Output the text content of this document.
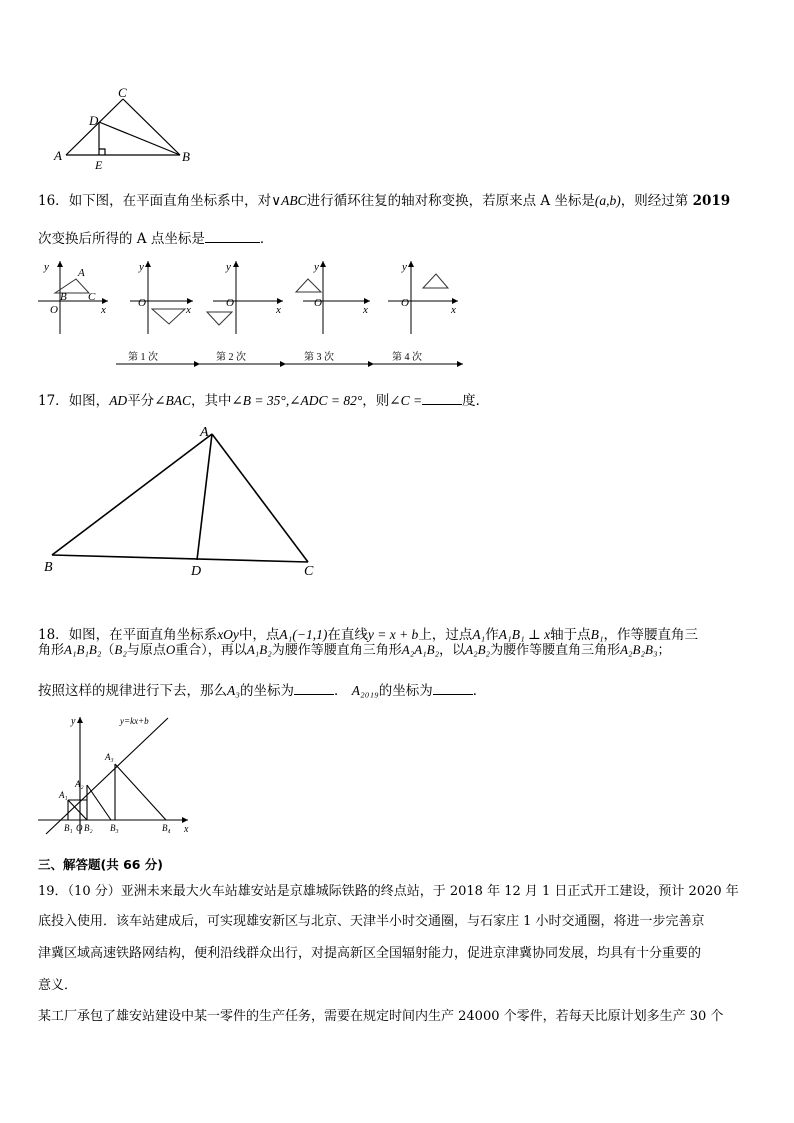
A	B
C
D
E
16．如下图，在平面直角坐标系中，对∨ABC进行循环往复的轴对称变换，若原来点 A 坐标是(a,b)，则经过第 2019
次变换后所得的 A 点坐标是	．
y
x
O
A
B C
y
x
O
y
x
O
y
x
O
y
x
O
第 1 次	第 2 次	第 3 次	第 4 次
17．如图，AD平分∠BAC，其中∠B = 35°,∠ADC = 82°，则∠C =	度．
A
B	C
D
18．如图，在平面直角坐标系xOy中，点A₁(−1,1)在直线y = x + b上，过点A₁作A₁B₁ ⊥ x轴于点B₁，作等腰直角三
角形A₁B₁B₂（B₂与原点O重合），再以A₁B₂为腰作等腰直角三角形A₂A₁B₂，以A₂B₂为腰作等腰直角三角形A₂B₂B₃；
按照这样的规律进行下去，那么A₃的坐标为	． A₂₀₁₉的坐标为	．
y=kx+b
y
x
A₁
A₂
A₃
B₁ O B₂ B₃	B₄
三、解答题(共 66 分)
19．（10 分）亚洲未来最大火车站雄安站是京雄城际铁路的终点站，于 2018 年 12 月 1 日正式开工建设，预计 2020 年
底投入使用．该车站建成后，可实现雄安新区与北京、天津半小时交通圈，与石家庄 1 小时交通圈，将进一步完善京
津冀区域高速铁路网结构，便利沿线群众出行，对提高新区全国辐射能力，促进京津冀协同发展，均具有十分重要的
意义．
某工厂承包了雄安站建设中某一零件的生产任务，需要在规定时间内生产 24000 个零件，若每天比原计划多生产 30 个
